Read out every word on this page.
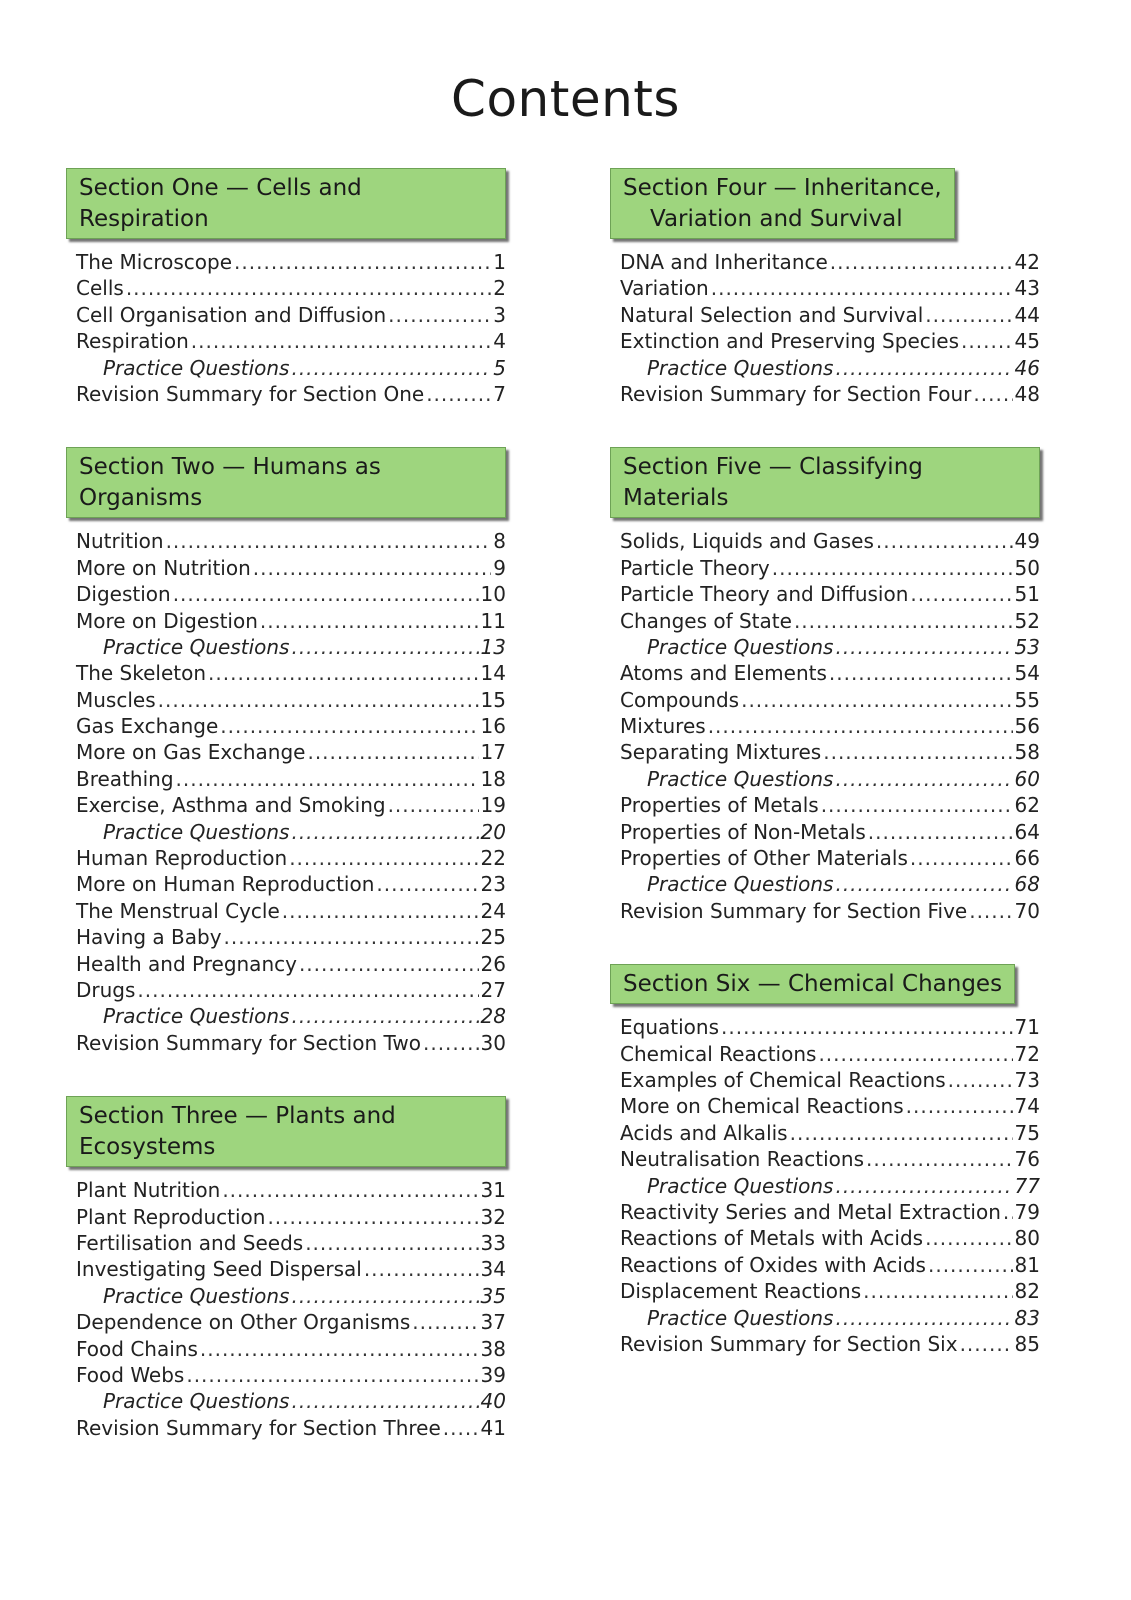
Contents
Section One — Cells and Respiration
The Microscope .....	1
Cells .....	2
Cell Organisation and Diffusion .....	3
Respiration .....	4
Practice Questions .....	5
Revision Summary for Section One .....	7
Section Two — Humans as Organisms
Nutrition .....	8
More on Nutrition .....	9
Digestion .....	10
More on Digestion .....	11
Practice Questions .....	13
The Skeleton .....	14
Muscles .....	15
Gas Exchange .....	16
More on Gas Exchange .....	17
Breathing .....	18
Exercise, Asthma and Smoking .....	19
Practice Questions .....	20
Human Reproduction .....	22
More on Human Reproduction .....	23
The Menstrual Cycle .....	24
Having a Baby .....	25
Health and Pregnancy .....	26
Drugs .....	27
Practice Questions .....	28
Revision Summary for Section Two .....	30
Section Three — Plants and Ecosystems
Plant Nutrition .....	31
Plant Reproduction .....	32
Fertilisation and Seeds .....	33
Investigating Seed Dispersal .....	34
Practice Questions .....	35
Dependence on Other Organisms .....	37
Food Chains .....	38
Food Webs .....	39
Practice Questions .....	40
Revision Summary for Section Three ..... 41
Section Four — Inheritance,
Variation and Survival
DNA and Inheritance .....	42
Variation .....	43
Natural Selection and Survival .....	44
Extinction and Preserving Species .....	45
Practice Questions .....	46
Revision Summary for Section Four ..... 48
Section Five — Classifying Materials
Solids, Liquids and Gases .....	49
Particle Theory .....	50
Particle Theory and Diffusion .....	51
Changes of State .....	52
Practice Questions .....	53
Atoms and Elements .....	54
Compounds .....	55
Mixtures .....	56
Separating Mixtures .....	58
Practice Questions .....	60
Properties of Metals .....	62
Properties of Non-Metals .....	64
Properties of Other Materials .....	66
Practice Questions .....	68
Revision Summary for Section Five ..... 70
Section Six — Chemical Changes
Equations .....	71
Chemical Reactions .....	72
Examples of Chemical Reactions .....	73
More on Chemical Reactions .....	74
Acids and Alkalis .....	75
Neutralisation Reactions .....	76
Practice Questions .....	77
Reactivity Series and Metal Extraction ..... 79
Reactions of Metals with Acids .....	80
Reactions of Oxides with Acids .....	81
Displacement Reactions .....	82
Practice Questions .....	83
Revision Summary for Section Six .....	85
